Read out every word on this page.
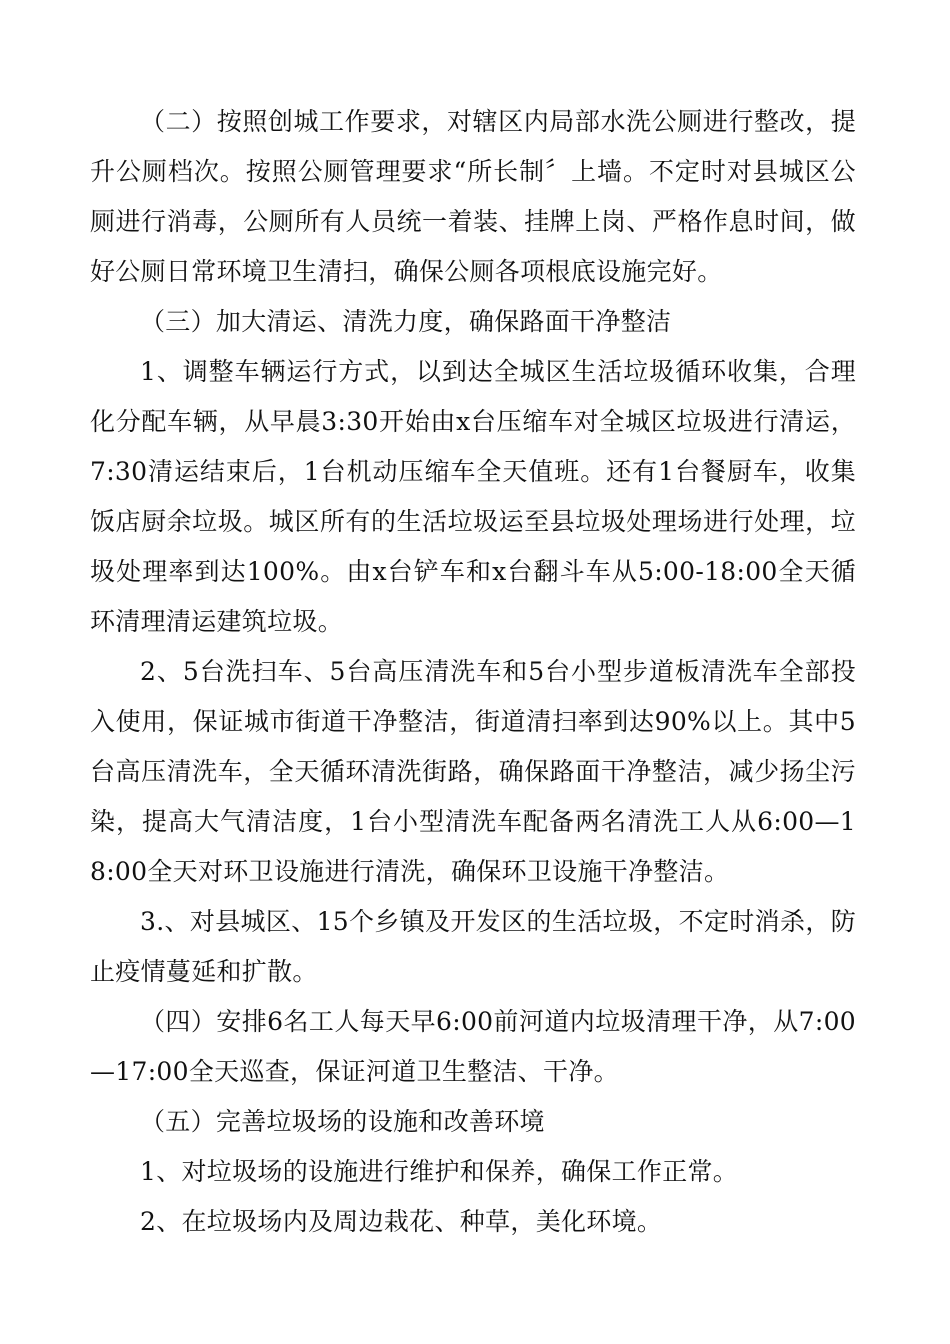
（二）按照创城工作要求，对辖区内局部水洗公厕进行整改，提升公厕档次。按照公厕管理要求“所长制〞上墙。不定时对县城区公厕进行消毒，公厕所有人员统一着装、挂牌上岗、严格作息时间，做好公厕日常环境卫生清扫，确保公厕各项根底设施完好。

（三）加大清运、清洗力度，确保路面干净整洁

1、调整车辆运行方式，以到达全城区生活垃圾循环收集，合理化分配车辆，从早晨3:30开始由x台压缩车对全城区垃圾进行清运，7:30清运结束后，1台机动压缩车全天值班。还有1台餐厨车，收集饭店厨余垃圾。城区所有的生活垃圾运至县垃圾处理场进行处理，垃圾处理率到达100%。由x台铲车和x台翻斗车从5:00-18:00全天循环清理清运建筑垃圾。

2、5台洗扫车、5台高压清洗车和5台小型步道板清洗车全部投入使用，保证城市街道干净整洁，街道清扫率到达90%以上。其中5台高压清洗车，全天循环清洗街路，确保路面干净整洁，减少扬尘污染，提高大气清洁度，1台小型清洗车配备两名清洗工人从6:00—18:00全天对环卫设施进行清洗，确保环卫设施干净整洁。

3.、对县城区、15个乡镇及开发区的生活垃圾，不定时消杀，防止疫情蔓延和扩散。

（四）安排6名工人每天早6:00前河道内垃圾清理干净，从7:00—17:00全天巡查，保证河道卫生整洁、干净。

（五）完善垃圾场的设施和改善环境

1、对垃圾场的设施进行维护和保养，确保工作正常。

2、在垃圾场内及周边栽花、种草，美化环境。
